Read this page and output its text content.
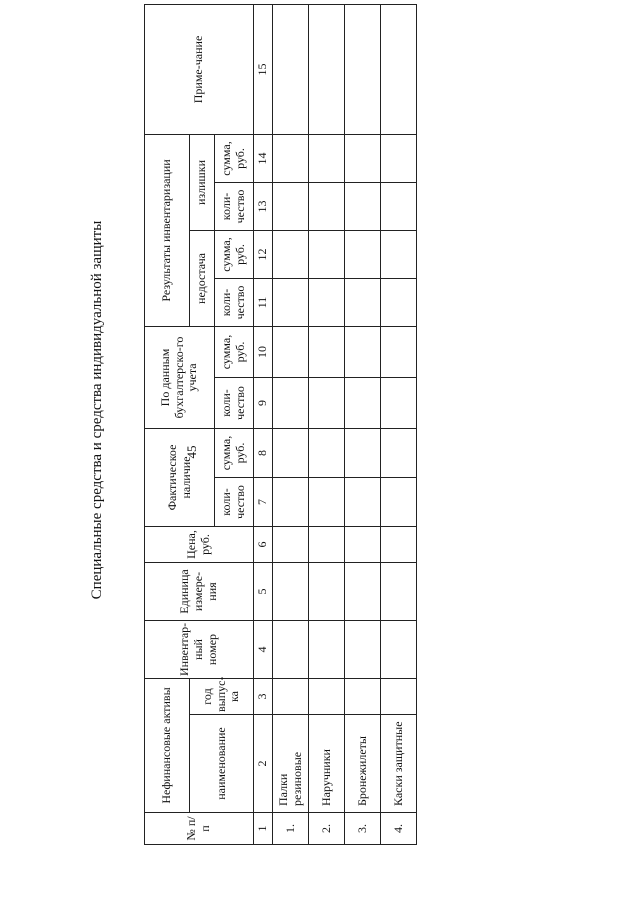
45
Специальные средства и средства индивидуальной защиты
№ п/п	Нефинансовые активы		Инвентар-ный номер	Единица измере-ния	Цена, руб.	Фактическое наличие		По данным бухгалтерско-го учета		Результаты инвентаризации				Приме-чание
	наименование	год выпус-ка								недостача		излишки		
						коли-чество	сумма, руб.	коли-чество	сумма, руб.	коли-чество	сумма, руб.	коли-чество	сумма, руб.	
1	2	3	4	5	6	7	8	9	10	11	12	13	14	15
1.	Палки резиновые													
2.	Наручники													
3.	Бронежилеты													
4.	Каски защитные													
